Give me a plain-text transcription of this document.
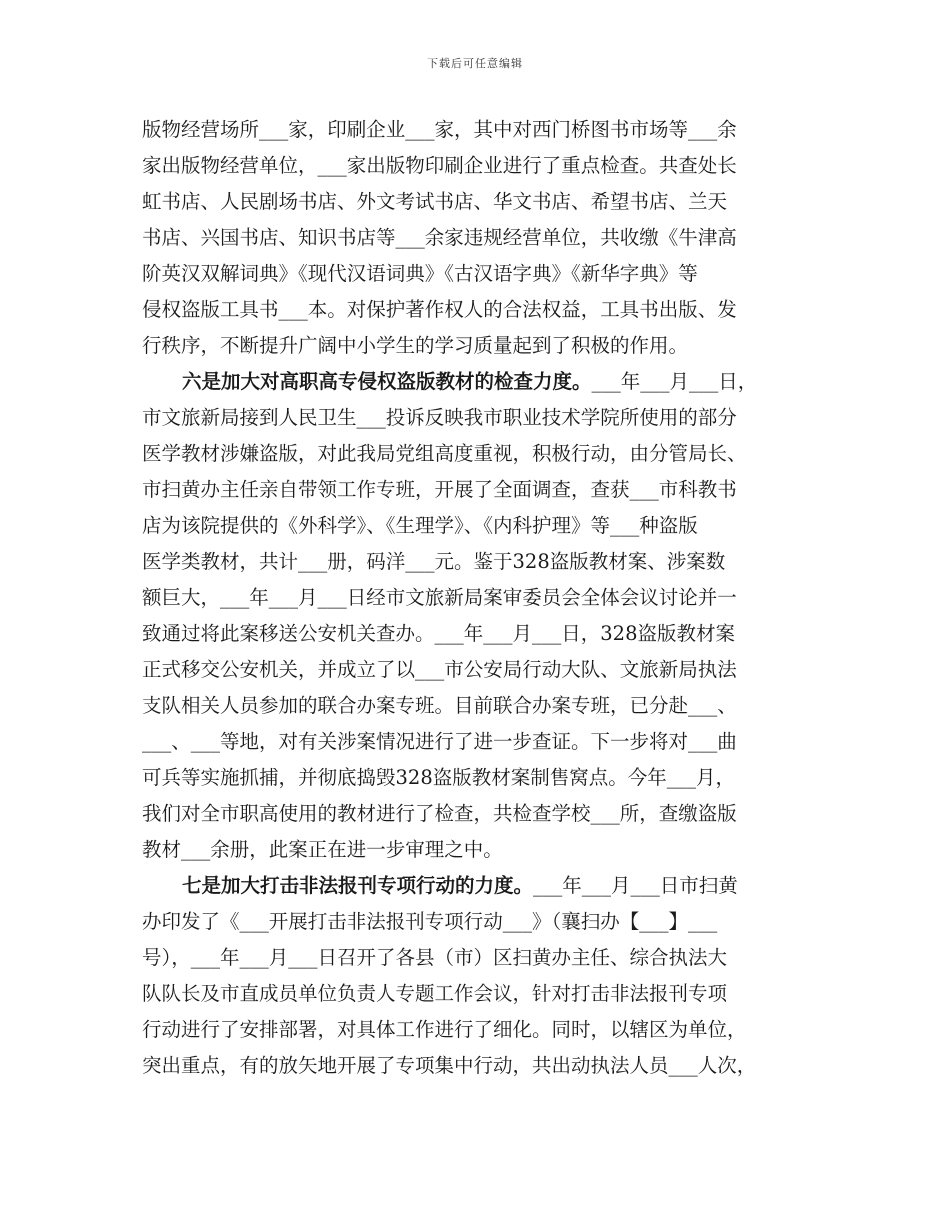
下载后可任意编辑
版物经营场所___家，印刷企业___家，其中对西门桥图书市场等___余
家出版物经营单位，___家出版物印刷企业进行了重点检查。共查处长
虹书店、人民剧场书店、外文考试书店、华文书店、希望书店、兰天
书店、兴国书店、知识书店等___余家违规经营单位，共收缴《牛津高
阶英汉双解词典》《现代汉语词典》《古汉语字典》《新华字典》等
侵权盗版工具书___本。对保护著作权人的合法权益，工具书出版、发
行秩序，不断提升广阔中小学生的学习质量起到了积极的作用。
六是加大对高职高专侵权盗版教材的检查力度。___年___月___日，
市文旅新局接到人民卫生___投诉反映我市职业技术学院所使用的部分
医学教材涉嫌盗版，对此我局党组高度重视，积极行动，由分管局长、
市扫黄办主任亲自带领工作专班，开展了全面调查，查获___市科教书
店为该院提供的《外科学》、《生理学》、《内科护理》等___种盗版
医学类教材，共计___册，码洋___元。鉴于328盗版教材案、涉案数
额巨大，___年___月___日经市文旅新局案审委员会全体会议讨论并一
致通过将此案移送公安机关查办。___年___月___日，328盗版教材案
正式移交公安机关，并成立了以___市公安局行动大队、文旅新局执法
支队相关人员参加的联合办案专班。目前联合办案专班，已分赴___、
___、___等地，对有关涉案情况进行了进一步查证。下一步将对___曲
可兵等实施抓捕，并彻底捣毁328盗版教材案制售窝点。今年___月，
我们对全市职高使用的教材进行了检查，共检查学校___所，查缴盗版
教材___余册，此案正在进一步审理之中。
七是加大打击非法报刊专项行动的力度。___年___月___日市扫黄
办印发了《___开展打击非法报刊专项行动___》（襄扫办【___】___
号），___年___月___日召开了各县（市）区扫黄办主任、综合执法大
队队长及市直成员单位负责人专题工作会议，针对打击非法报刊专项
行动进行了安排部署，对具体工作进行了细化。同时，以辖区为单位，
突出重点，有的放矢地开展了专项集中行动，共出动执法人员___人次，
